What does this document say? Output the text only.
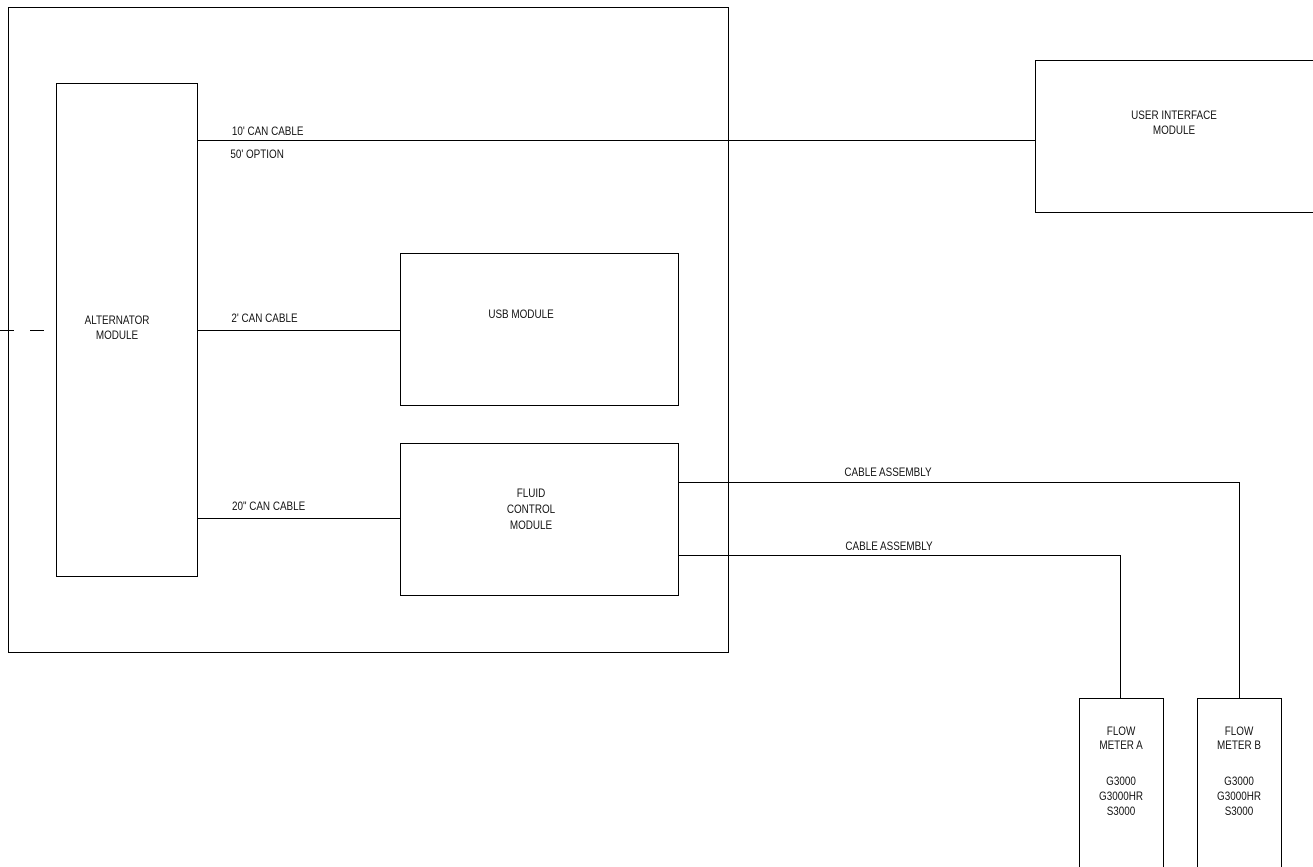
ALTERNATOR
MODULE
USER INTERFACE
MODULE
USB MODULE
FLUID
CONTROL
MODULE
FLOW
METER A
G3000
G3000HR
S3000
FLOW
METER B
G3000
G3000HR
S3000
10' CAN CABLE
50' OPTION
2' CAN CABLE
20" CAN CABLE
CABLE ASSEMBLY
CABLE ASSEMBLY
